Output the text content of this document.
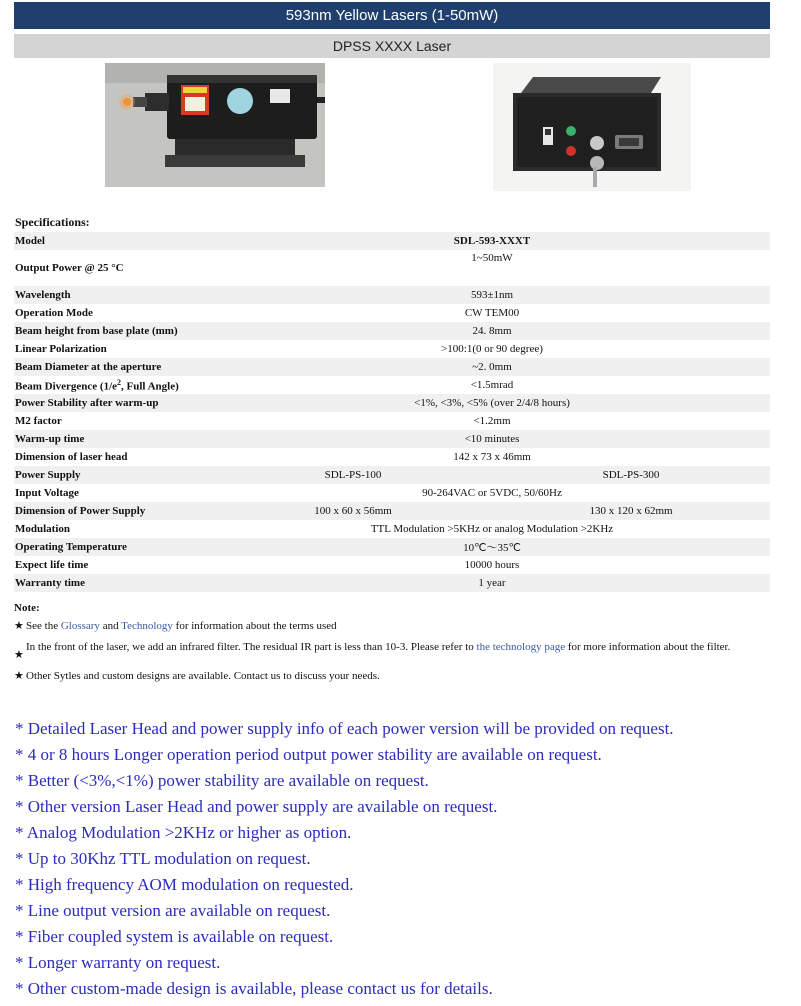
593nm Yellow Lasers (1-50mW)
DPSS XXXX Laser
Specifications:
Model	SDL-593-XXXT	
Output Power @ 25 °C	1~50mW	
Wavelength	593±1nm	
Operation Mode	CW TEM00	
Beam height from base plate (mm)	24. 8mm	
Linear Polarization	>100:1(0 or 90 degree)	
Beam Diameter at the aperture	~2. 0mm	
Beam Divergence ($1/e^2$, Full Angle)	<1.5mrad	
Power Stability after warm-up	<1%, <3%, <5% (over 2/4/8 hours)	
M2 factor	<1.2mm	
Warm-up time	<10 minutes	
Dimension of laser head	142 x 73 x 46mm	
Power Supply	SDL-PS-100	SDL-PS-300
Input Voltage	90-264VAC or 5VDC, 50/60Hz	
Dimension of Power Supply	100 x 60 x 56mm	130 x 120 x 62mm
Modulation	TTL Modulation >5KHz or analog Modulation >2KHz	
Operating Temperature	10℃～35℃	
Expect life time	10000 hours	
Warranty time	1 year	
Note:
★ See the Glossary and Technology for information about the terms used
★
In the front of the laser, we add an infrared filter. The residual IR part is less than 10-3. Please refer to the technology page for more information about the filter.
★ Other Sytles and custom designs are available. Contact us to discuss your needs.
* Detailed Laser Head and power supply info of each power version will be provided on request.
* 4 or 8 hours Longer operation period output power stability are available on request.
* Better (<3%,<1%) power stability are available on request.
* Other version Laser Head and power supply are available on request.
* Analog Modulation >2KHz or higher as option.
* Up to 30Khz TTL modulation on request.
* High frequency AOM modulation on requested.
* Line output version are available on request.
* Fiber coupled system is available on request.
* Longer warranty on request.
* Other custom-made design is available, please contact us for details.
